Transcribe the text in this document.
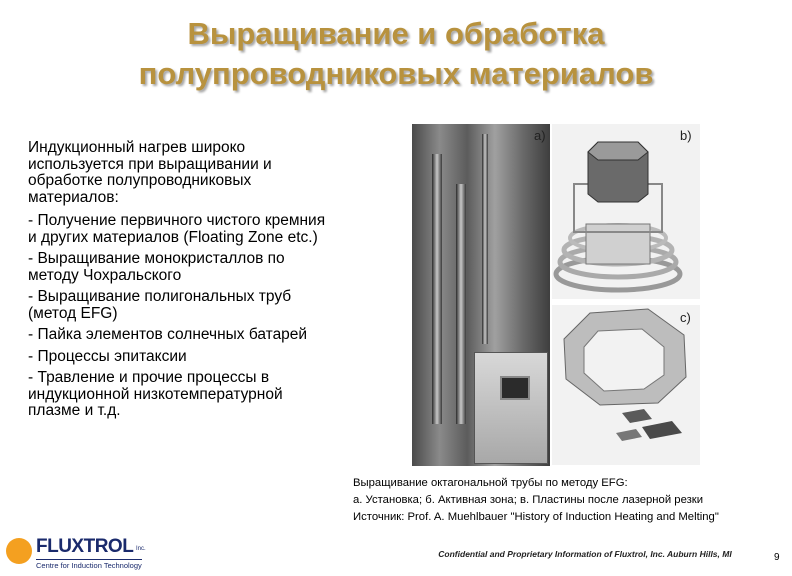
Выращивание и обработка
полупроводниковых материалов

Индукционный нагрев широко используется при выращивании и обработке полупроводниковых материалов:

- Получение первичного чистого кремния и других материалов (Floating Zone etc.)
- Выращивание монокристаллов по методу Чохральского
- Выращивание полигональных труб (метод EFG)
- Пайка элементов солнечных батарей
- Процессы эпитаксии
- Травление и прочие процессы в индукционной низкотемпературной плазме и т.д.
a)	b)
c)
Выращивание октагональной трубы по методу EFG:
а. Установка; б. Активная зона; в. Пластины после лазерной резки
Источник: Prof. A. Muehlbauer "History of Induction Heating and Melting"
FLUXTROL Inc.
Centre for Induction Technology
Confidential and Proprietary Information of Fluxtrol, Inc. Auburn Hills, MI	9
